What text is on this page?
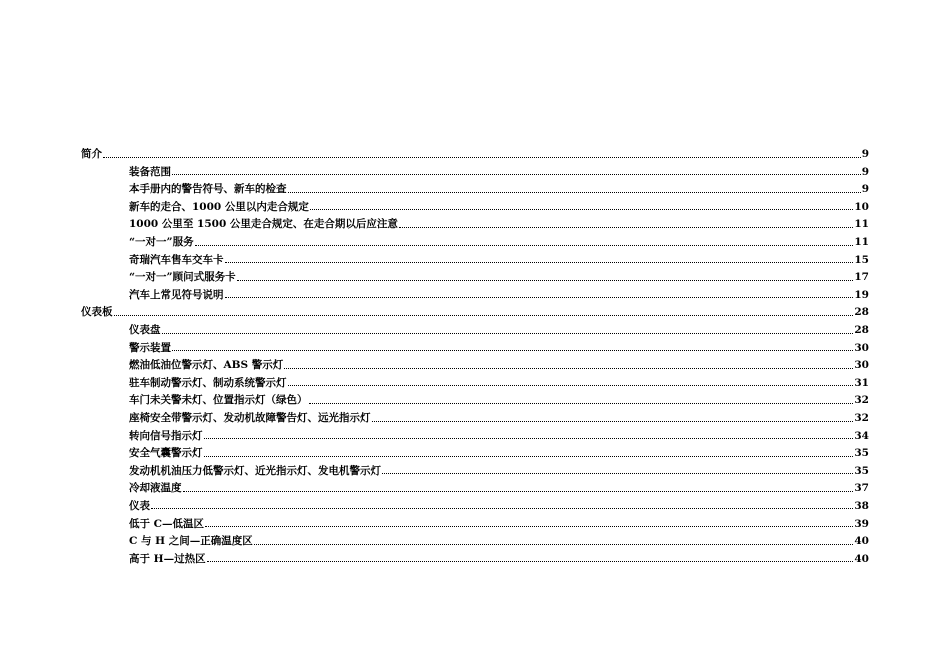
简介	9
装备范围	9
本手册内的警告符号、新车的检查	9
新车的走合、1000 公里以内走合规定	10
1000 公里至 1500 公里走合规定、在走合期以后应注意	11
“一对一”服务	11
奇瑞汽车售车交车卡	15
“一对一”顾问式服务卡	17
汽车上常见符号说明	19
仪表板	28
仪表盘	28
警示装置	30
燃油低油位警示灯、ABS 警示灯	30
驻车制动警示灯、制动系统警示灯	31
车门未关警未灯、位置指示灯（绿色）	32
座椅安全带警示灯、发动机故障警告灯、远光指示灯	32
转向信号指示灯	34
安全气囊警示灯	35
发动机机油压力低警示灯、近光指示灯、发电机警示灯	35
冷却液温度	37
仪表	38
低于 C—低温区	39
C 与 H 之间—正确温度区	40
高于 H—过热区	40
